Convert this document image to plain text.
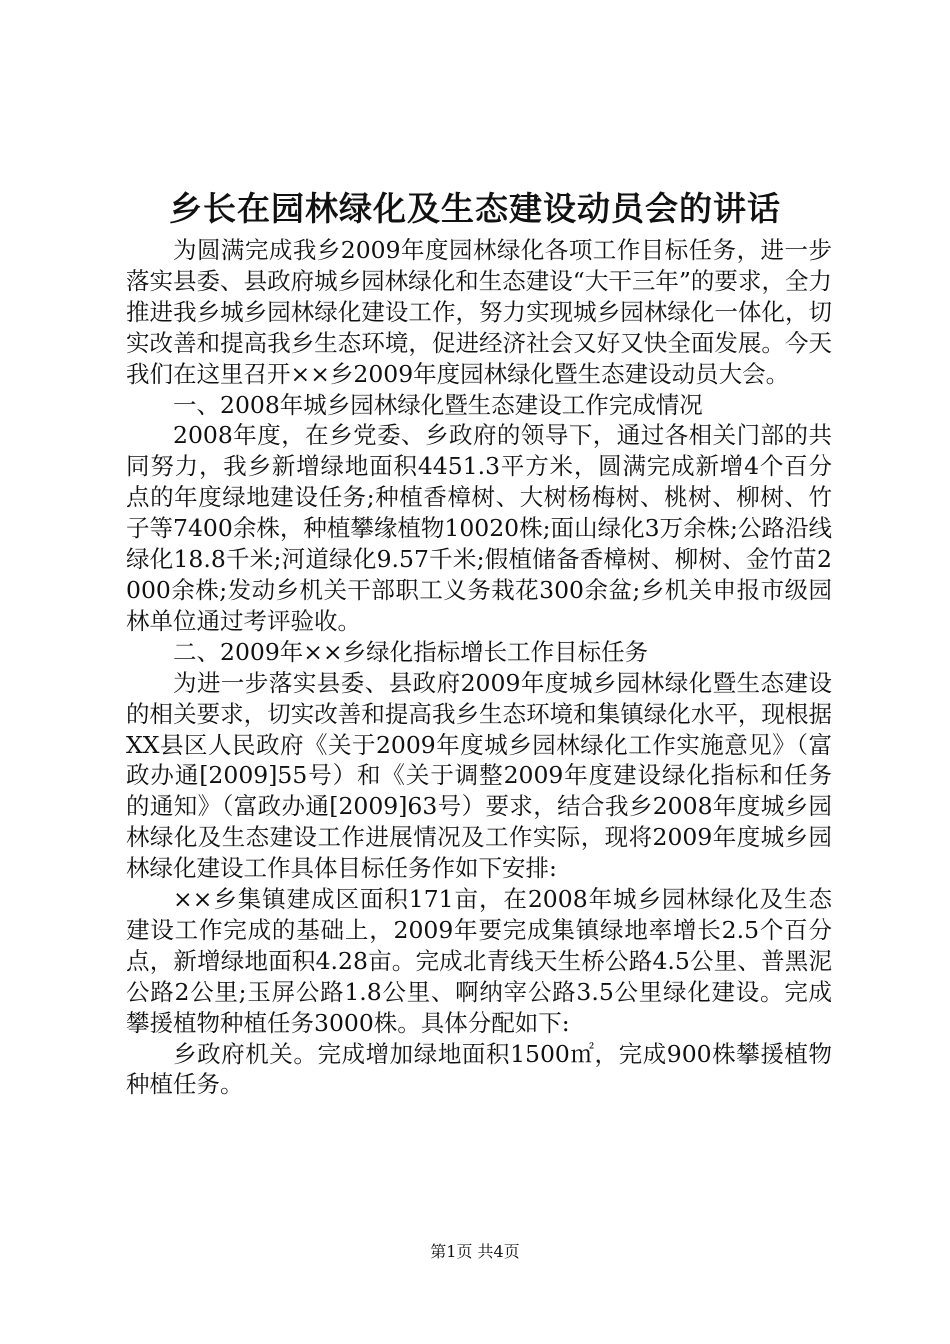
乡长在园林绿化及生态建设动员会的讲话

为圆满完成我乡2009年度园林绿化各项工作目标任务，进一步落实县委、县政府城乡园林绿化和生态建设“大干三年”的要求，全力推进我乡城乡园林绿化建设工作，努力实现城乡园林绿化一体化，切实改善和提高我乡生态环境，促进经济社会又好又快全面发展。今天我们在这里召开××乡2009年度园林绿化暨生态建设动员大会。

一、2008年城乡园林绿化暨生态建设工作完成情况

2008年度，在乡党委、乡政府的领导下，通过各相关门部的共同努力，我乡新增绿地面积4451.3平方米，圆满完成新增4个百分点的年度绿地建设任务;种植香樟树、大树杨梅树、桃树、柳树、竹子等7400余株，种植攀缘植物10020株;面山绿化3万余株;公路沿线绿化18.8千米;河道绿化9.57千米;假植储备香樟树、柳树、金竹苗2000余株;发动乡机关干部职工义务栽花300余盆;乡机关申报市级园林单位通过考评验收。

二、2009年××乡绿化指标增长工作目标任务

为进一步落实县委、县政府2009年度城乡园林绿化暨生态建设的相关要求，切实改善和提高我乡生态环境和集镇绿化水平，现根据XX县区人民政府《关于2009年度城乡园林绿化工作实施意见》（富政办通[2009]55号）和《关于调整2009年度建设绿化指标和任务的通知》（富政办通[2009]63号）要求，结合我乡2008年度城乡园林绿化及生态建设工作进展情况及工作实际，现将2009年度城乡园林绿化建设工作具体目标任务作如下安排:

××乡集镇建成区面积171亩，在2008年城乡园林绿化及生态建设工作完成的基础上，2009年要完成集镇绿地率增长2.5个百分点，新增绿地面积4.28亩。完成北青线天生桥公路4.5公里、普黑泥公路2公里;玉屏公路1.8公里、啊纳宰公路3.5公里绿化建设。完成攀援植物种植任务3000株。具体分配如下:

乡政府机关。完成增加绿地面积1500㎡，完成900株攀援植物种植任务。

第1页 共4页
